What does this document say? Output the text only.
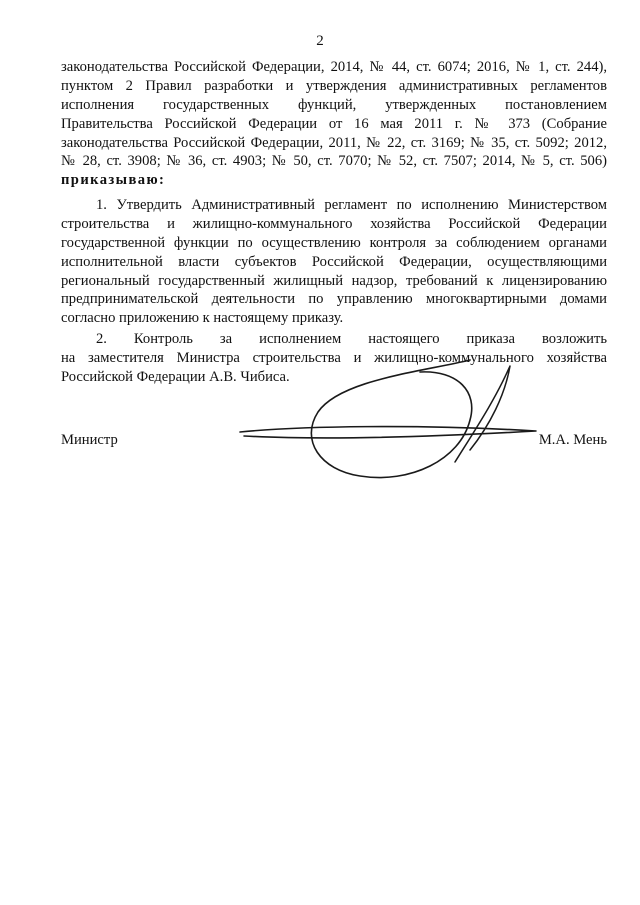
2
законодательства Российской Федерации, 2014, № 44, ст. 6074; 2016, № 1, ст. 244),
пунктом 2 Правил разработки и утверждения административных регламентов
исполнения государственных функций, утвержденных постановлением
Правительства Российской Федерации от 16 мая 2011 г. № 373 (Собрание
законодательства Российской Федерации, 2011, № 22, ст. 3169; № 35, ст. 5092; 2012,
№ 28, ст. 3908; № 36, ст. 4903; № 50, ст. 7070; № 52, ст. 7507; 2014, № 5, ст. 506)
приказываю:
1. Утвердить Административный регламент по исполнению Министерством
строительства и жилищно-коммунального хозяйства Российской Федерации
государственной функции по осуществлению контроля за соблюдением органами
исполнительной власти субъектов Российской Федерации, осуществляющими
региональный государственный жилищный надзор, требований к лицензированию
предпринимательской деятельности по управлению многоквартирными домами
согласно приложению к настоящему приказу.
2. Контроль за исполнением настоящего приказа возложить
на заместителя Министра строительства и жилищно-коммунального хозяйства
Российской Федерации А.В. Чибиса.
Министр	М.А. Мень
